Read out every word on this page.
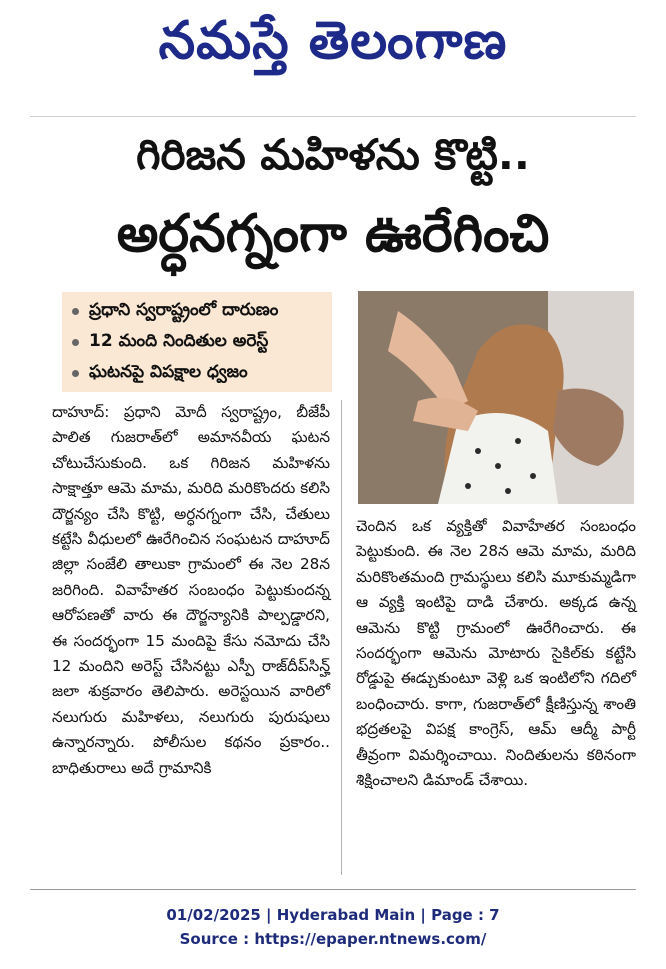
నమస్తే తెలంగాణ
గిరిజన మహిళను కొట్టి..
అర్ధనగ్నంగా ఊరేగించి
ప్రధాని స్వరాష్ట్రంలో దారుణం
12 మంది నిందితుల అరెస్ట్
ఘటనపై విపక్షాల ధ్వజం

దాహూద్‌: ప్రధాని మోదీ స్వరాష్ట్రం, బీజేపీ పాలిత గుజరాత్‌లో అమానవీయ ఘటన చోటుచేసుకుంది. ఒక గిరిజన మహిళను సాక్షాత్తూ ఆమె మామ, మరిది మరికొందరు కలిసి దౌర్జన్యం చేసి కొట్టి, అర్ధనగ్నంగా చేసి, చేతులు కట్టేసి వీధులలో ఊరేగించిన సంఘటన దాహూద్‌ జిల్లా సంజేలి తాలుకా గ్రామంలో ఈ నెల 28న జరిగింది. వివాహేతర సంబంధం పెట్టుకుందన్న ఆరోపణతో వారు ఈ దౌర్జన్యానికి పాల్పడ్డారని, ఈ సందర్భంగా 15 మందిపై కేసు నమోదు చేసి 12 మందిని అరెస్ట్‌ చేసినట్టు ఎస్పీ రాజ్‌దీప్‌సిన్హ్‌ జలా శుక్రవారం తెలిపారు. అరెస్టయిన వారిలో నలుగురు మహిళలు, నలుగురు పురుషులు ఉన్నారన్నారు. పోలీసుల కథనం ప్రకారం.. బాధితురాలు అదే గ్రామానికి

చెందిన ఒక వ్యక్తితో వివాహేతర సంబంధం పెట్టుకుంది. ఈ నెల 28న ఆమె మామ, మరిది మరికొంతమంది గ్రామస్థులు కలిసి మూకుమ్మడిగా ఆ వ్యక్తి ఇంటిపై దాడి చేశారు. అక్కడ ఉన్న ఆమెను కొట్టి గ్రామంలో ఊరేగించారు. ఈ సందర్భంగా ఆమెను మోటారు సైకిల్‌కు కట్టేసి రోడ్డుపై ఈడ్చుకుంటూ వెళ్లి ఒక ఇంటిలోని గదిలో బంధించారు. కాగా, గుజరాత్‌లో క్షీణిస్తున్న శాంతి భద్రతలపై విపక్ష కాంగ్రెస్‌, ఆమ్‌ ఆద్మీ పార్టీ తీవ్రంగా విమర్శించాయి. నిందితులను కఠినంగా శిక్షించాలని డిమాండ్‌ చేశాయి.

01/02/2025 | Hyderabad Main | Page : 7
Source : https://epaper.ntnews.com/
